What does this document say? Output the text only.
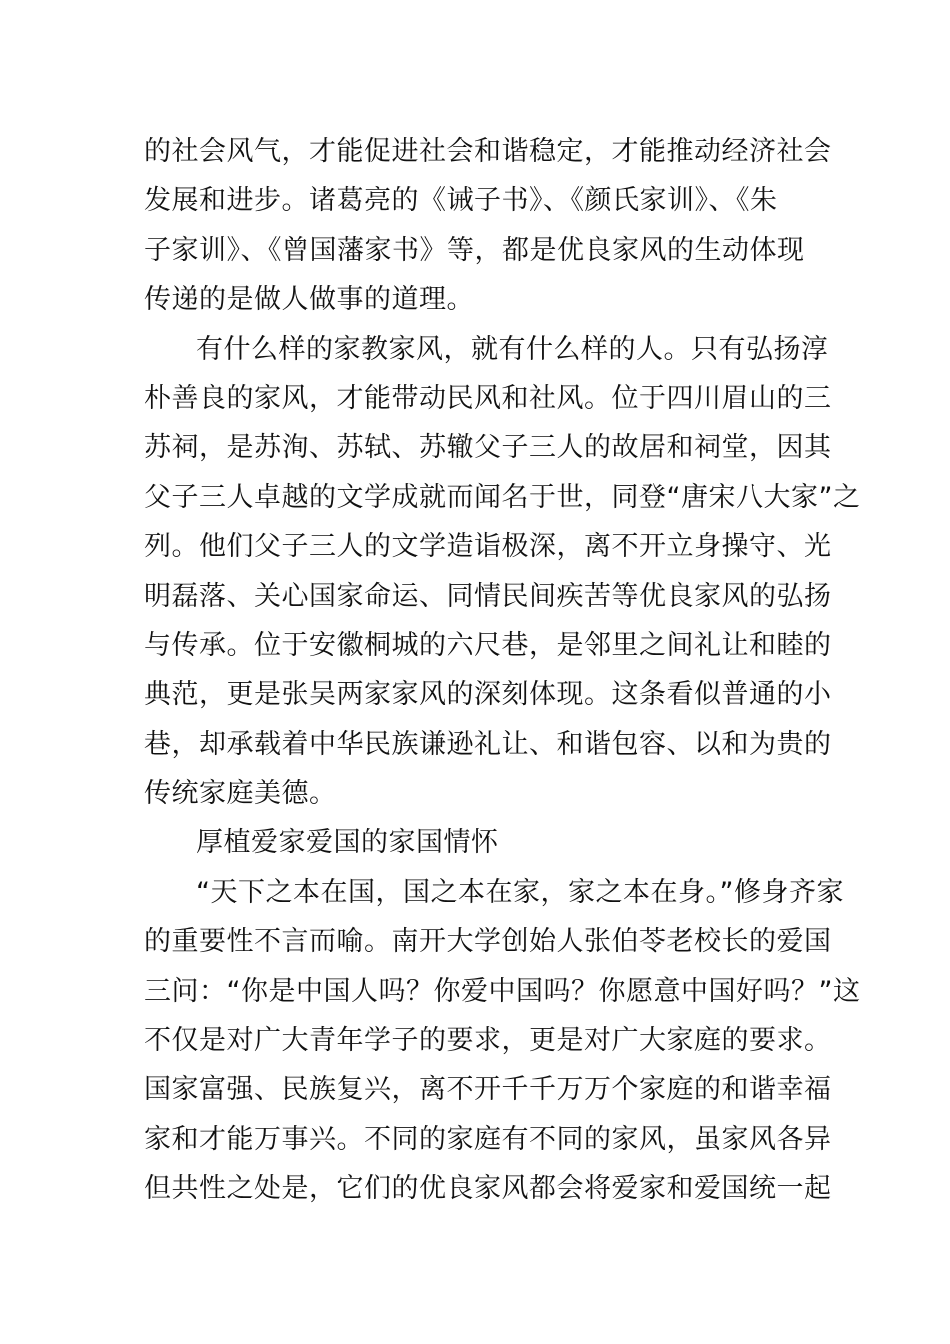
的社会风气，才能促进社会和谐稳定，才能推动经济社会
发展和进步。诸葛亮的《诫子书》、《颜氏家训》、《朱
子家训》、《曾国藩家书》等，都是优良家风的生动体现
传递的是做人做事的道理。
有什么样的家教家风，就有什么样的人。只有弘扬淳
朴善良的家风，才能带动民风和社风。位于四川眉山的三
苏祠，是苏洵、苏轼、苏辙父子三人的故居和祠堂，因其
父子三人卓越的文学成就而闻名于世，同登“唐宋八大家”之
列。他们父子三人的文学造诣极深，离不开立身操守、光
明磊落、关心国家命运、同情民间疾苦等优良家风的弘扬
与传承。位于安徽桐城的六尺巷，是邻里之间礼让和睦的
典范，更是张吴两家家风的深刻体现。这条看似普通的小
巷，却承载着中华民族谦逊礼让、和谐包容、以和为贵的
传统家庭美德。
厚植爱家爱国的家国情怀
“天下之本在国，国之本在家，家之本在身。”修身齐家
的重要性不言而喻。南开大学创始人张伯苓老校长的爱国
三问：“你是中国人吗？你爱中国吗？你愿意中国好吗？”这
不仅是对广大青年学子的要求，更是对广大家庭的要求。
国家富强、民族复兴，离不开千千万万个家庭的和谐幸福
家和才能万事兴。不同的家庭有不同的家风，虽家风各异
但共性之处是，它们的优良家风都会将爱家和爱国统一起
